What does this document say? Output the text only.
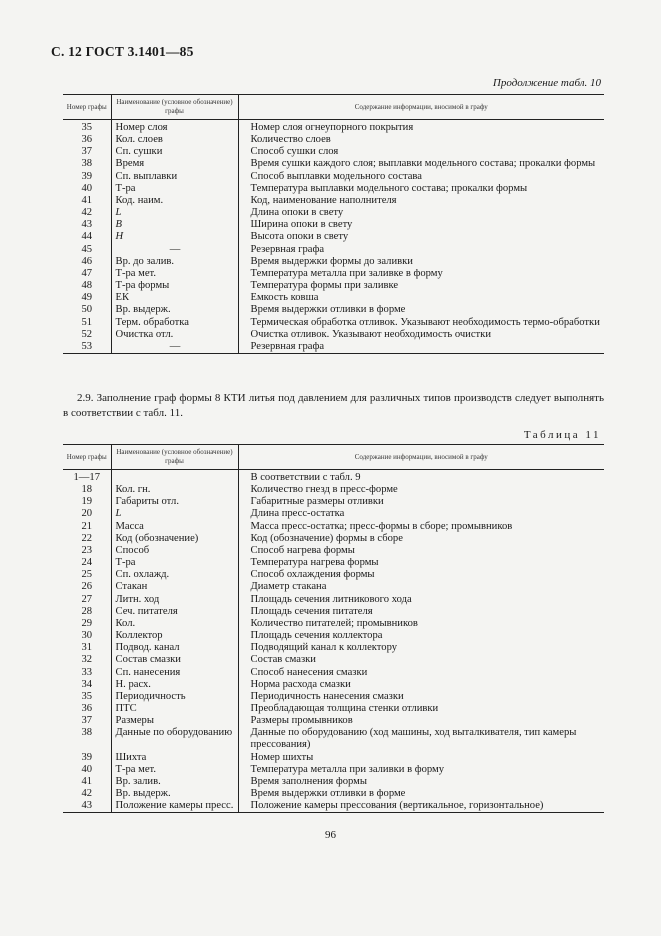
С. 12 ГОСТ 3.1401—85
Продолжение табл. 10
Номер графы	Наименование (условное обозначение) графы	Содержание информации, вносимой в графу
35	Номер слоя	Номер слоя огнеупорного покрытия
36	Кол. слоев	Количество слоев
37	Сп. сушки	Способ сушки слоя
38	Время	Время сушки каждого слоя; выплавки модельного состава; прокалки формы
39	Сп. выплавки	Способ выплавки модельного состава
40	Т-ра	Температура выплавки модельного состава; прокалки формы
41	Код. наим.	Код, наименование наполнителя
42	L	Длина опоки в свету
43	B	Ширина опоки в свету
44	H	Высота опоки в свету
45	—	Резервная графа
46	Вр. до залив.	Время выдержки формы до заливки
47	Т-ра мет.	Температура металла при заливке в форму
48	Т-ра формы	Температура формы при заливке
49	ЕК	Емкость ковша
50	Вр. выдерж.	Время выдержки отливки в форме
51	Терм. обработка	Термическая обработка отливок. Указывают необходимость термо-обработки
52	Очистка отл.	Очистка отливок. Указывают необходимость очистки
53	—	Резервная графа
2.9. Заполнение граф формы 8 КТИ литья под давлением для различных типов производств следует выполнять в соответствии с табл. 11.
Таблица 11
Номер графы	Наименование (условное обозначение) графы	Содержание информации, вносимой в графу
1—17		В соответствии с табл. 9
18	Кол. гн.	Количество гнезд в пресс-форме
19	Габариты отл.	Габаритные размеры отливки
20	L	Длина пресс-остатка
21	Масса	Масса пресс-остатка; пресс-формы в сборе; промывников
22	Код (обозначение)	Код (обозначение) формы в сборе
23	Способ	Способ нагрева формы
24	Т-ра	Температура нагрева формы
25	Сп. охлажд.	Способ охлаждения формы
26	Стакан	Диаметр стакана
27	Литн. ход	Площадь сечения литникового хода
28	Сеч. питателя	Площадь сечения питателя
29	Кол.	Количество питателей; промывников
30	Коллектор	Площадь сечения коллектора
31	Подвод. канал	Подводящий канал к коллектору
32	Состав смазки	Состав смазки
33	Сп. нанесения	Способ нанесения смазки
34	Н. расх.	Норма расхода смазки
35	Периодичность	Периодичность нанесения смазки
36	ПТС	Преобладающая толщина стенки отливки
37	Размеры	Размеры промывников
38	Данные по оборудованию	Данные по оборудованию (ход машины, ход выталкивателя, тип камеры прессования)
39	Шихта	Номер шихты
40	Т-ра мет.	Температура металла при заливки в форму
41	Вр. залив.	Время заполнения формы
42	Вр. выдерж.	Время выдержки отливки в форме
43	Положение камеры пресс.	Положение камеры прессования (вертикальное, горизонтальное)
96
